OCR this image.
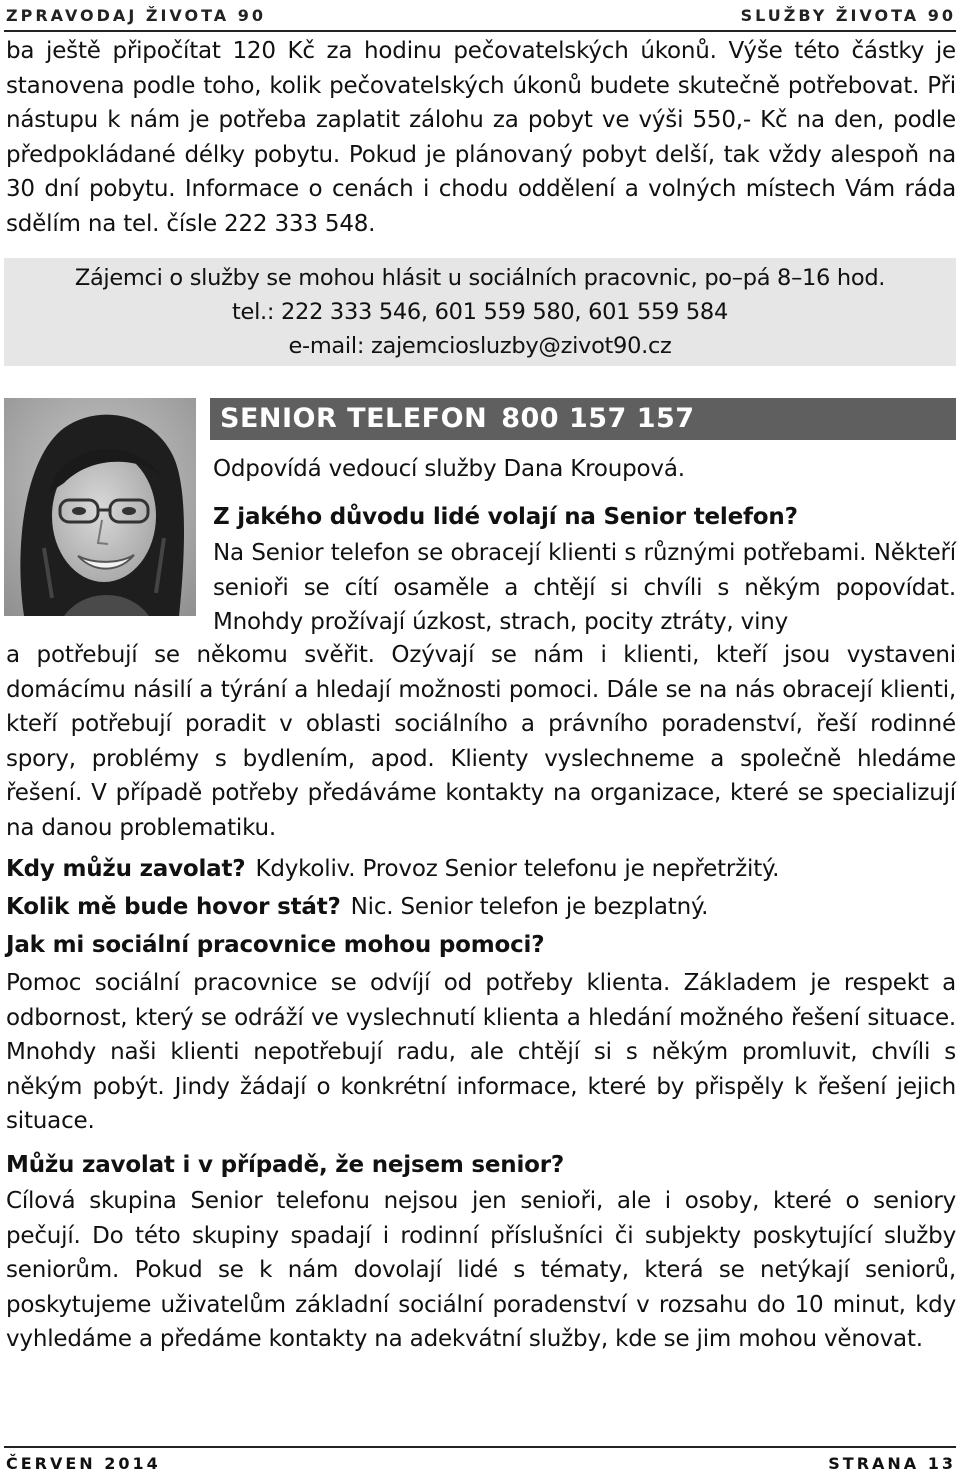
ZPRAVODAJ ŽIVOTA 90	SLUŽBY ŽIVOTA 90

ba ještě připočítat 120 Kč za hodinu pečovatelských úkonů. Výše této částky je stanovena podle toho, kolik pečovatelských úkonů budete skutečně potřebovat. Při nástupu k nám je potřeba zaplatit zálohu za pobyt ve výši 550,- Kč na den, podle předpokládané délky pobytu. Pokud je plánovaný pobyt delší, tak vždy alespoň na 30 dní pobytu. Informace o cenách i chodu oddělení a volných místech Vám ráda sdělím na tel. čísle 222 333 548.

Zájemci o služby se mohou hlásit u sociálních pracovnic, po–pá 8–16 hod.
tel.: 222 333 546, 601 559 580, 601 559 584
e-mail: zajemciosluzby@zivot90.cz
SENIOR TELEFON 800 157 157

Odpovídá vedoucí služby Dana Kroupová.

Z jakého důvodu lidé volají na Senior telefon?

Na Senior telefon se obracejí klienti s různými potřebami. Někteří senioři se cítí osaměle a chtějí si chvíli s někým popovídat. Mnohdy prožívají úzkost, strach, pocity ztráty, viny

a potřebují se někomu svěřit. Ozývají se nám i klienti, kteří jsou vystaveni domácímu násilí a týrání a hledají možnosti pomoci. Dále se na nás obracejí klienti, kteří potřebují poradit v oblasti sociálního a právního poradenství, řeší rodinné spory, problémy s bydlením, apod. Klienty vyslechneme a společně hledáme řešení. V případě potřeby předáváme kontakty na organizace, které se specializují na danou problematiku.

Kdy můžu zavolat? Kdykoliv. Provoz Senior telefonu je nepřetržitý.

Kolik mě bude hovor stát? Nic. Senior telefon je bezplatný.

Jak mi sociální pracovnice mohou pomoci?

Pomoc sociální pracovnice se odvíjí od potřeby klienta. Základem je respekt a odbornost, který se odráží ve vyslechnutí klienta a hledání možného řešení situace. Mnohdy naši klienti nepotřebují radu, ale chtějí si s někým promluvit, chvíli s někým pobýt. Jindy žádají o konkrétní informace, které by přispěly k řešení jejich situace.

Můžu zavolat i v případě, že nejsem senior?

Cílová skupina Senior telefonu nejsou jen senioři, ale i osoby, které o seniory pečují. Do této skupiny spadají i rodinní příslušníci či subjekty poskytující služby seniorům. Pokud se k nám dovolají lidé s tématy, která se netýkají seniorů, poskytujeme uživatelům základní sociální poradenství v rozsahu do 10 minut, kdy vyhledáme a předáme kontakty na adekvátní služby, kde se jim mohou věnovat.

ČERVEN 2014	STRANA 13
